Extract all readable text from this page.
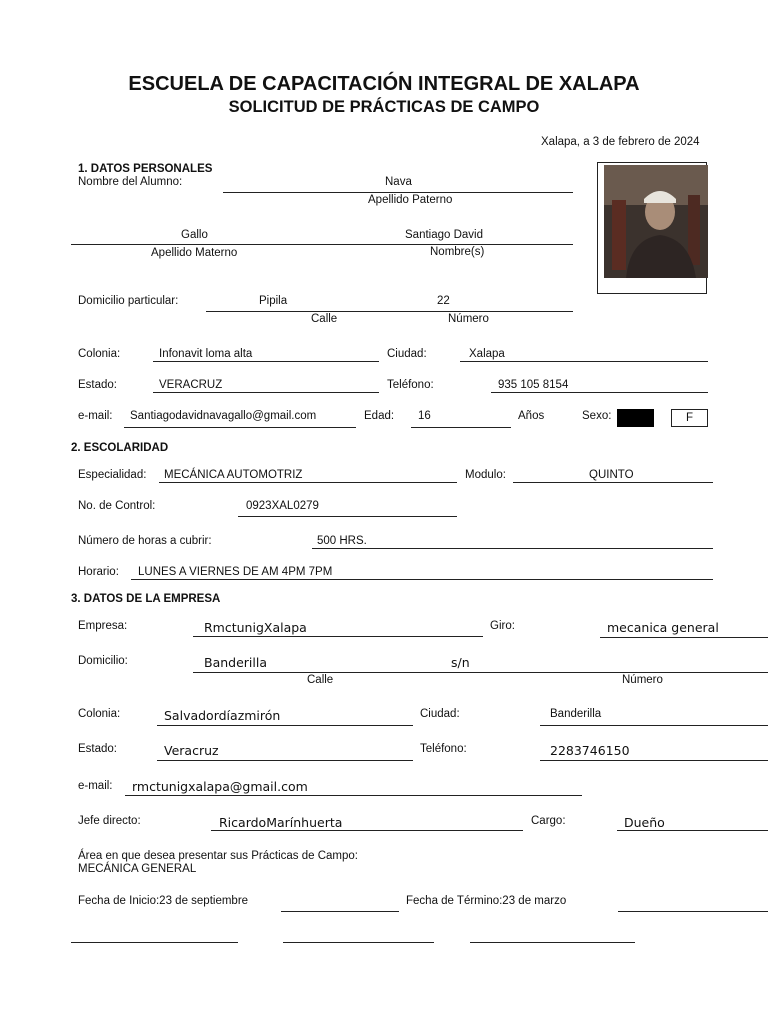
ESCUELA DE CAPACITACIÓN INTEGRAL DE XALAPA
SOLICITUD DE PRÁCTICAS DE CAMPO
Xalapa, a 3 de febrero de 2024
1. DATOS PERSONALES
Nombre del Alumno:	Nava
Apellido Paterno
Gallo	Santiago David
Apellido Materno	Nombre(s)
Domicilio particular:	Pipila	22
Calle	Número
Colonia:	Infonavit loma alta	Ciudad:	Xalapa
Estado:	VERACRUZ	Teléfono:	935 105 8154
e-mail: Santiagodavidnavagallo@gmail.com	Edad: 16	Años	Sexo:	F
2. ESCOLARIDAD
Especialidad: MECÁNICA AUTOMOTRIZ	Modulo:	QUINTO
No. de Control:	0923XAL0279
Número de horas a cubrir:	500 HRS.
Horario: LUNES A VIERNES DE AM 4PM 7PM
3. DATOS DE LA EMPRESA
Empresa:	RmctunigXalapa	Giro:	mecanica general
Domicilio:	Banderilla	s/n
Calle	Número
Colonia:	Salvadordíazmirón	Ciudad:	Banderilla
Estado:	Veracruz	Teléfono:	2283746150
e-mail: rmctunigxalapa@gmail.com
Jefe directo:	RicardoMarínhuerta	Cargo:	Dueño
Área en que desea presentar sus Prácticas de Campo:
MECÁNICA GENERAL
Fecha de Inicio:23 de septiembre	Fecha de Término:23 de marzo
